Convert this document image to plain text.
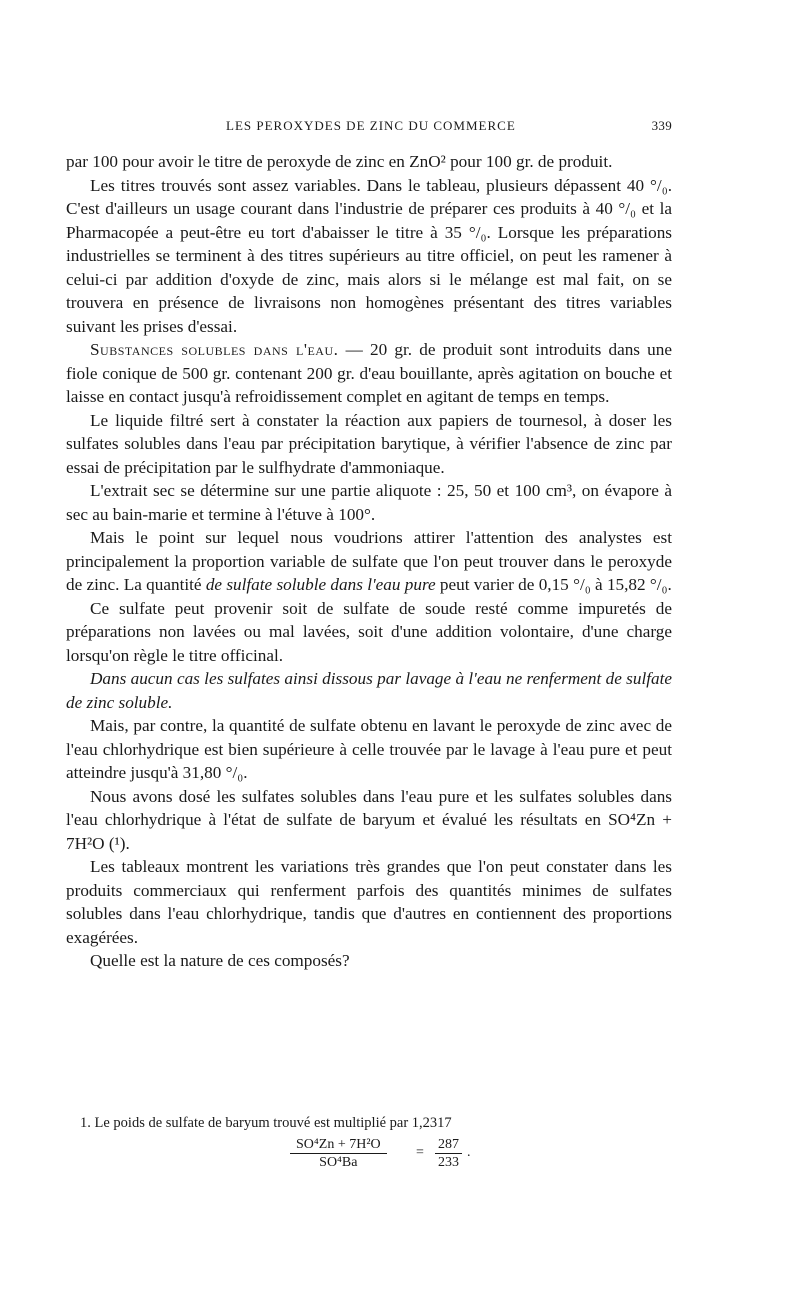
LES PEROXYDES DE ZINC DU COMMERCE	339

par 100 pour avoir le titre de peroxyde de zinc en ZnO² pour 100 gr. de produit.

Les titres trouvés sont assez variables. Dans le tableau, plusieurs dépassent 40 °/₀. C'est d'ailleurs un usage courant dans l'industrie de préparer ces produits à 40 °/₀ et la Pharmacopée a peut-être eu tort d'abaisser le titre à 35 °/₀. Lorsque les préparations industrielles se terminent à des titres supérieurs au titre officiel, on peut les ramener à celui-ci par addition d'oxyde de zinc, mais alors si le mélange est mal fait, on se trouvera en présence de livraisons non homogènes présentant des titres variables suivant les prises d'essai.

Substances solubles dans l'eau. — 20 gr. de produit sont introduits dans une fiole conique de 500 gr. contenant 200 gr. d'eau bouillante, après agitation on bouche et laisse en contact jusqu'à refroidissement complet en agitant de temps en temps.

Le liquide filtré sert à constater la réaction aux papiers de tournesol, à doser les sulfates solubles dans l'eau par précipitation barytique, à vérifier l'absence de zinc par essai de précipitation par le sulfhydrate d'ammoniaque.

L'extrait sec se détermine sur une partie aliquote : 25, 50 et 100 cm³, on évapore à sec au bain-marie et termine à l'étuve à 100°.

Mais le point sur lequel nous voudrions attirer l'attention des analystes est principalement la proportion variable de sulfate que l'on peut trouver dans le peroxyde de zinc. La quantité de sulfate soluble dans l'eau pure peut varier de 0,15 °/₀ à 15,82 °/₀.

Ce sulfate peut provenir soit de sulfate de soude resté comme impuretés de préparations non lavées ou mal lavées, soit d'une addition volontaire, d'une charge lorsqu'on règle le titre officinal.

Dans aucun cas les sulfates ainsi dissous par lavage à l'eau ne renferment de sulfate de zinc soluble.

Mais, par contre, la quantité de sulfate obtenu en lavant le peroxyde de zinc avec de l'eau chlorhydrique est bien supérieure à celle trouvée par le lavage à l'eau pure et peut atteindre jusqu'à 31,80 °/₀.

Nous avons dosé les sulfates solubles dans l'eau pure et les sulfates solubles dans l'eau chlorhydrique à l'état de sulfate de baryum et évalué les résultats en SO⁴Zn + 7H²O (¹).

Les tableaux montrent les variations très grandes que l'on peut constater dans les produits commerciaux qui renferment parfois des quantités minimes de sulfates solubles dans l'eau chlorhydrique, tandis que d'autres en contiennent des proportions exagérées.

Quelle est la nature de ces composés?

1. Le poids de sulfate de baryum trouvé est multiplié par 1,2317
$\frac{\text{SO⁴Zn + 7H²O}}{\text{SO⁴Ba}} = \frac{287}{233}$ .
